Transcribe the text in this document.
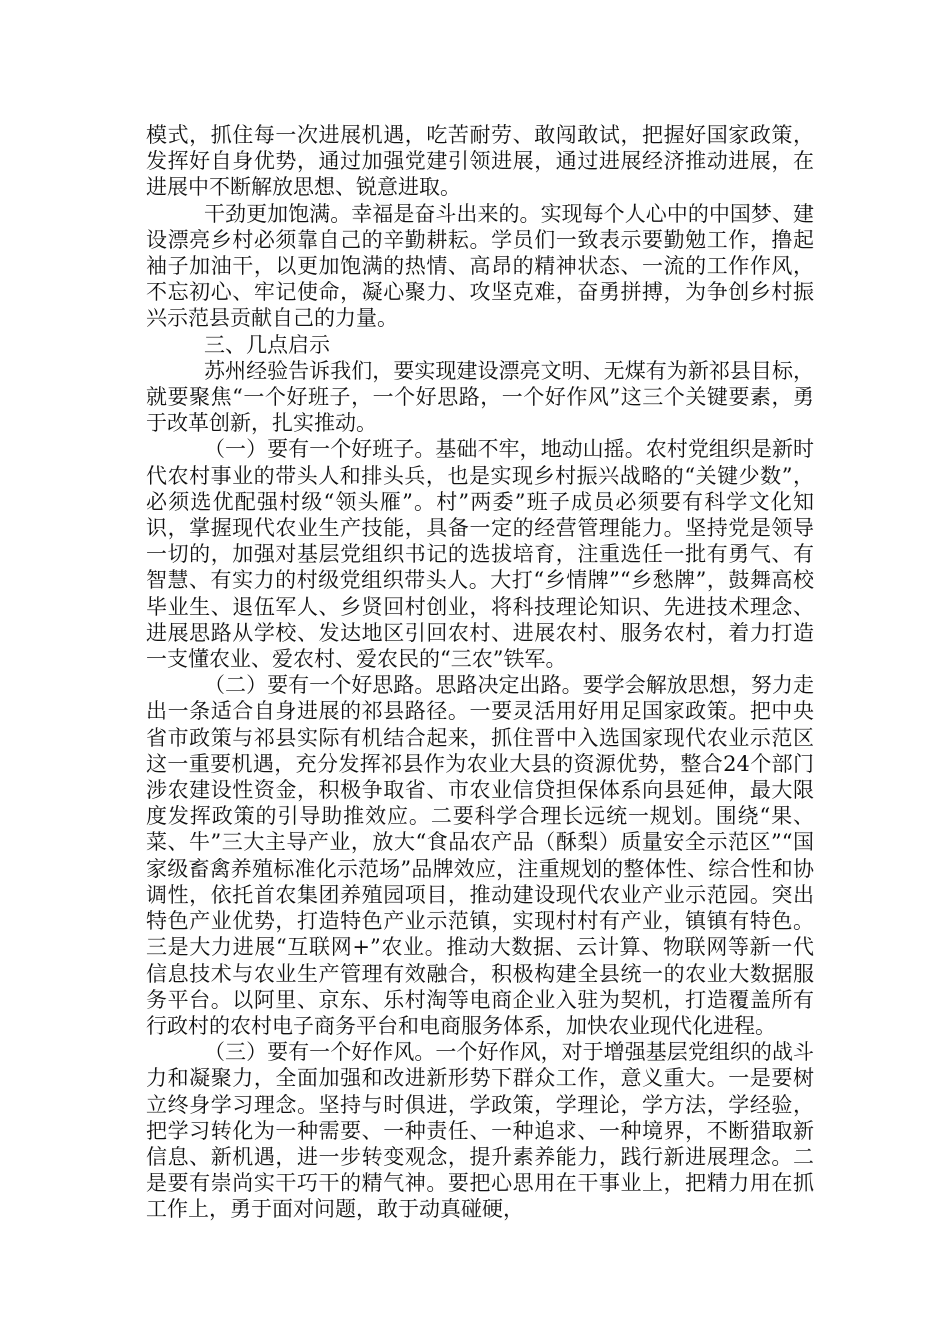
模式，抓住每一次进展机遇，吃苦耐劳、敢闯敢试，把握好国家政策，发挥好自身优势，通过加强党建引领进展，通过进展经济推动进展，在进展中不断解放思想、锐意进取。

干劲更加饱满。幸福是奋斗出来的。实现每个人心中的中国梦、建设漂亮乡村必须靠自己的辛勤耕耘。学员们一致表示要勤勉工作，撸起袖子加油干，以更加饱满的热情、高昂的精神状态、一流的工作作风，不忘初心、牢记使命，凝心聚力、攻坚克难，奋勇拼搏，为争创乡村振兴示范县贡献自己的力量。

三、几点启示

苏州经验告诉我们，要实现建设漂亮文明、无煤有为新祁县目标，就要聚焦“一个好班子，一个好思路，一个好作风”这三个关键要素，勇于改革创新，扎实推动。

（一）要有一个好班子。基础不牢，地动山摇。农村党组织是新时代农村事业的带头人和排头兵，也是实现乡村振兴战略的“关键少数”，必须选优配强村级“领头雁”。村”两委”班子成员必须要有科学文化知识，掌握现代农业生产技能，具备一定的经营管理能力。坚持党是领导一切的，加强对基层党组织书记的选拔培育，注重选任一批有勇气、有智慧、有实力的村级党组织带头人。大打“乡情牌”“乡愁牌”，鼓舞高校毕业生、退伍军人、乡贤回村创业，将科技理论知识、先进技术理念、进展思路从学校、发达地区引回农村、进展农村、服务农村，着力打造一支懂农业、爱农村、爱农民的“三农”铁军。

（二）要有一个好思路。思路决定出路。要学会解放思想，努力走出一条适合自身进展的祁县路径。一要灵活用好用足国家政策。把中央省市政策与祁县实际有机结合起来，抓住晋中入选国家现代农业示范区这一重要机遇，充分发挥祁县作为农业大县的资源优势，整合24个部门涉农建设性资金，积极争取省、市农业信贷担保体系向县延伸，最大限度发挥政策的引导助推效应。二要科学合理长远统一规划。围绕“果、菜、牛”三大主导产业，放大“食品农产品（酥梨）质量安全示范区”“国家级畜禽养殖标准化示范场”品牌效应，注重规划的整体性、综合性和协调性，依托首农集团养殖园项目，推动建设现代农业产业示范园。突出特色产业优势，打造特色产业示范镇，实现村村有产业，镇镇有特色。三是大力进展“互联网+”农业。推动大数据、云计算、物联网等新一代信息技术与农业生产管理有效融合，积极构建全县统一的农业大数据服务平台。以阿里、京东、乐村淘等电商企业入驻为契机，打造覆盖所有行政村的农村电子商务平台和电商服务体系，加快农业现代化进程。

（三）要有一个好作风。一个好作风，对于增强基层党组织的战斗力和凝聚力，全面加强和改进新形势下群众工作，意义重大。一是要树立终身学习理念。坚持与时俱进，学政策，学理论，学方法，学经验，把学习转化为一种需要、一种责任、一种追求、一种境界，不断猎取新信息、新机遇，进一步转变观念，提升素养能力，践行新进展理念。二是要有崇尚实干巧干的精气神。要把心思用在干事业上，把精力用在抓工作上，勇于面对问题，敢于动真碰硬，
